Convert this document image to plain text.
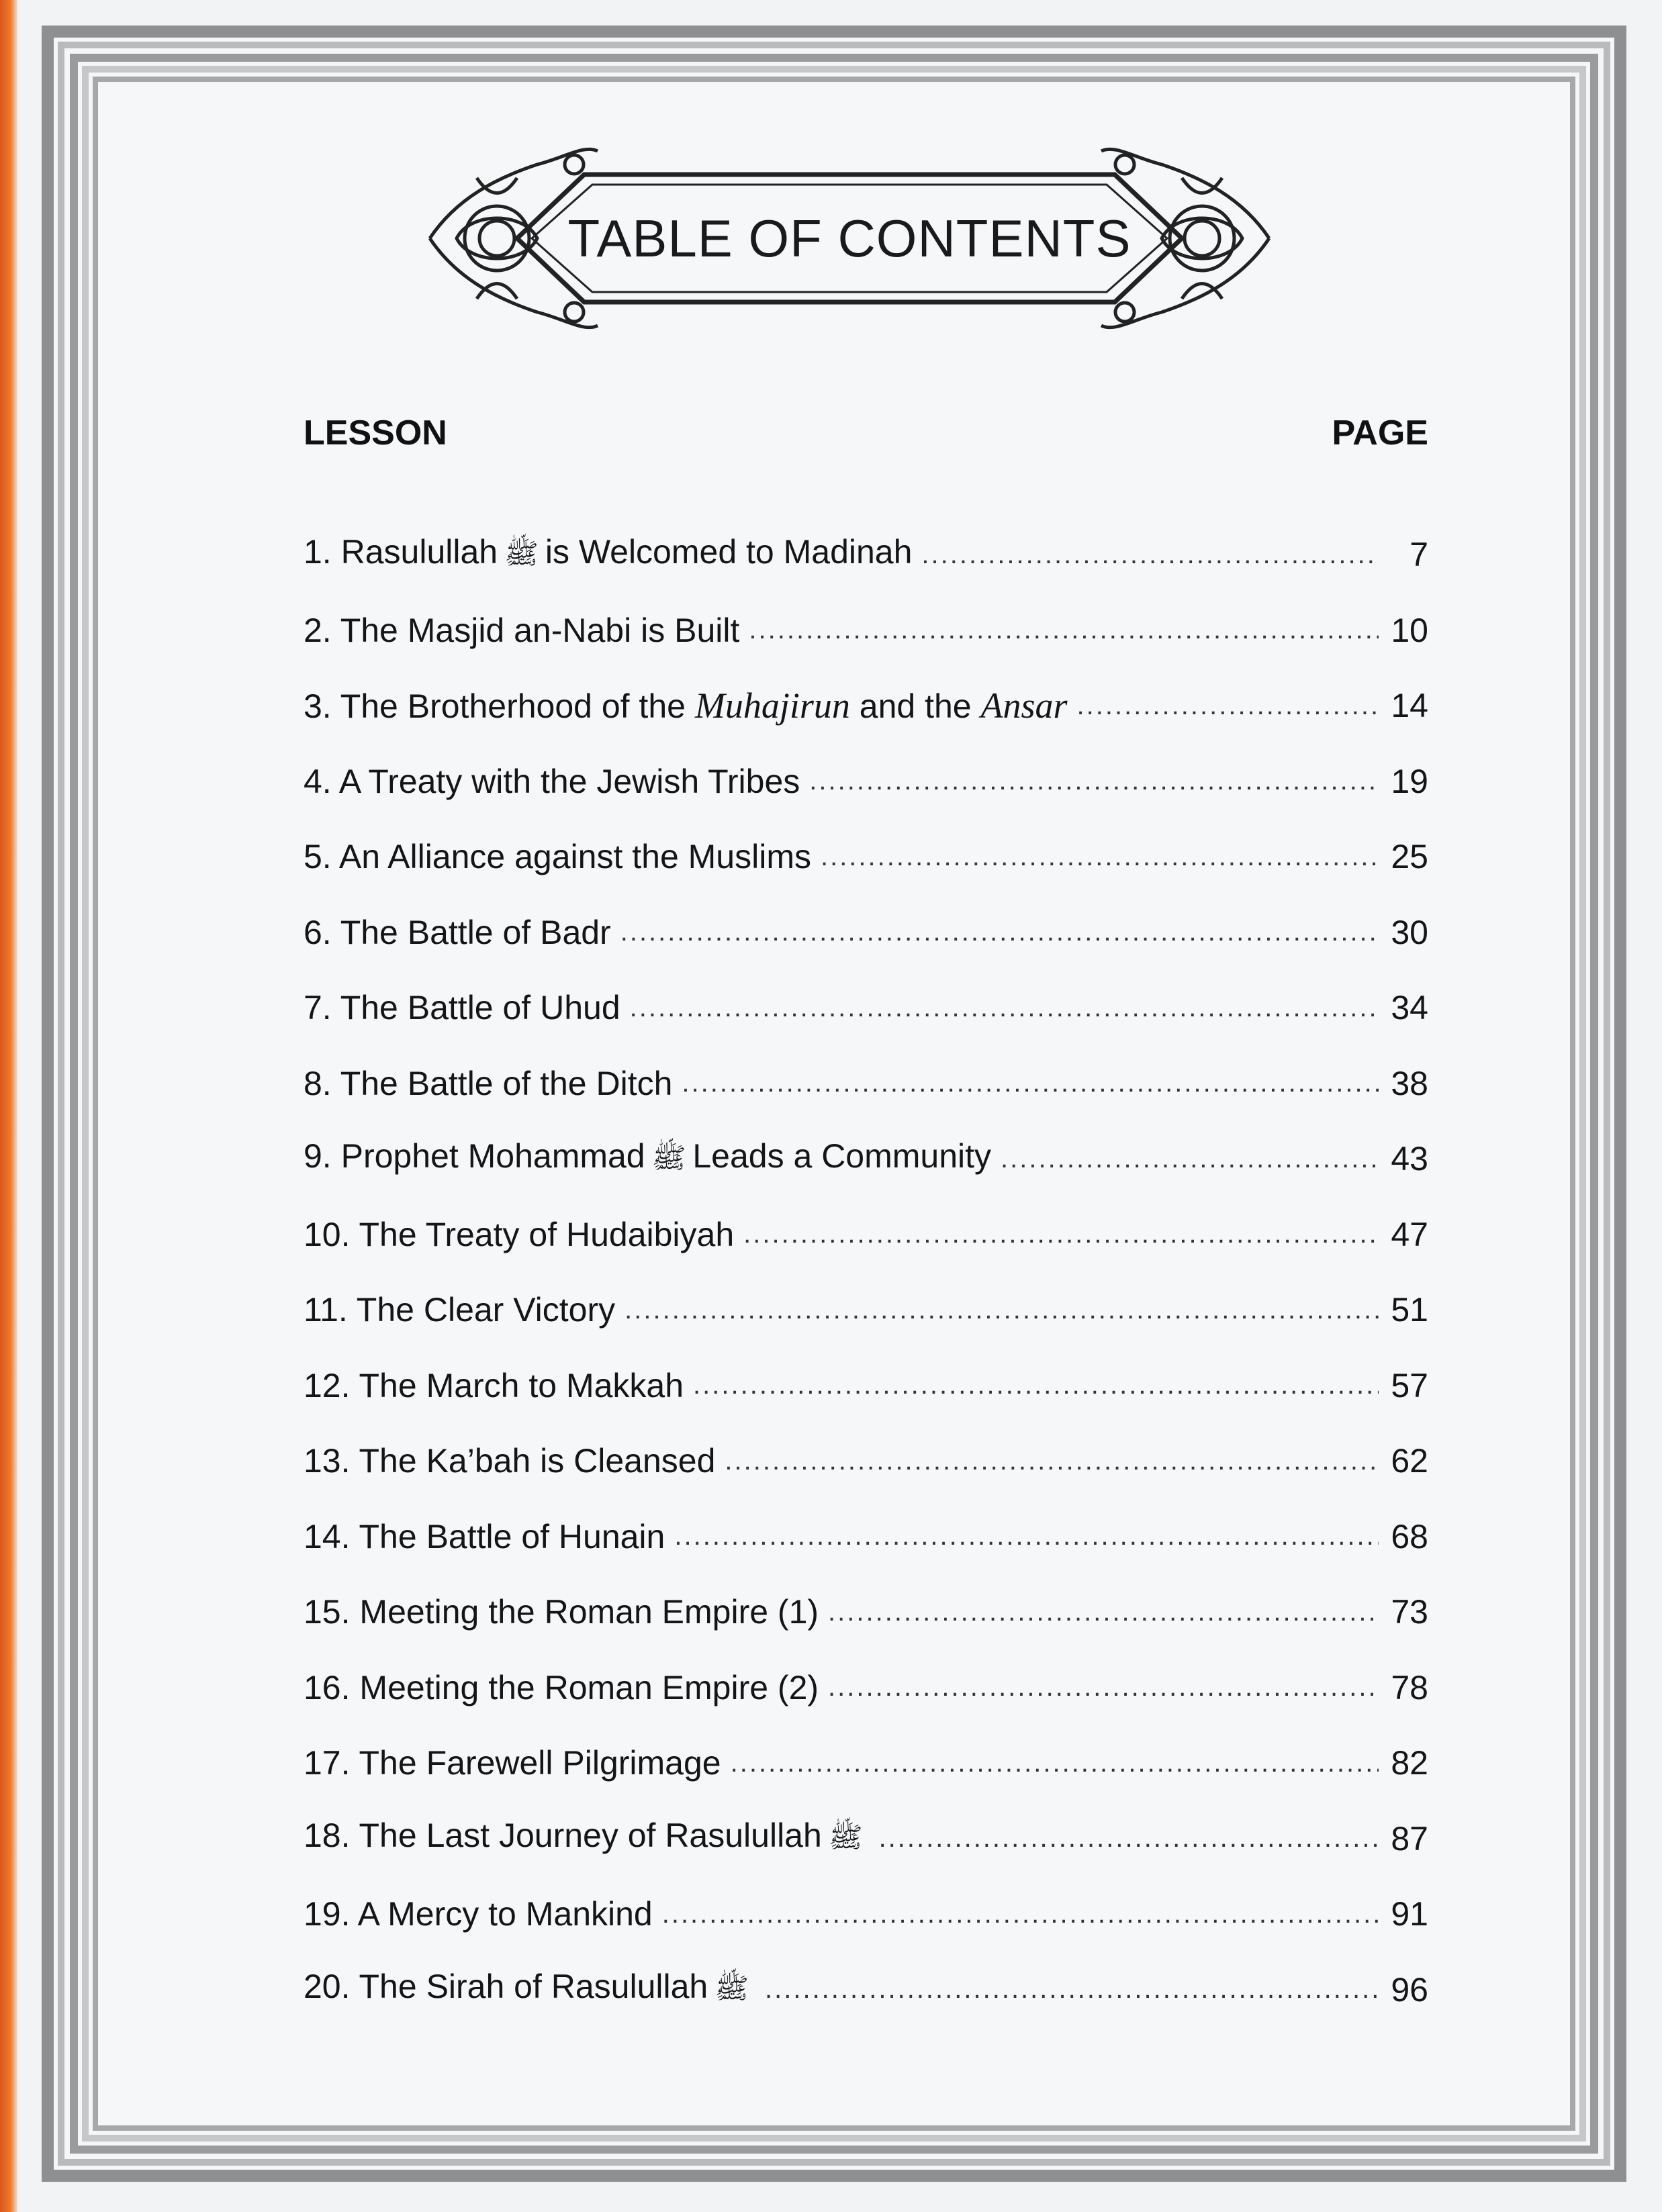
TABLE OF CONTENTS
LESSON	PAGE
1. Rasulullah ﷺ is Welcomed to Madinah .....	7
2. The Masjid an-Nabi is Built .....	10
3. The Brotherhood of the Muhajirun and the Ansar .....	14
4. A Treaty with the Jewish Tribes .....	19
5. An Alliance against the Muslims .....	25
6. The Battle of Badr .....	30
7. The Battle of Uhud .....	34
8. The Battle of the Ditch .....	38
9. Prophet Mohammad ﷺ Leads a Community .....	43
10. The Treaty of Hudaibiyah .....	47
11. The Clear Victory .....	51
12. The March to Makkah .....	57
13. The Ka’bah is Cleansed .....	62
14. The Battle of Hunain .....	68
15. Meeting the Roman Empire (1) .....	73
16. Meeting the Roman Empire (2) .....	78
17. The Farewell Pilgrimage .....	82
18. The Last Journey of Rasulullah ﷺ .....	87
19. A Mercy to Mankind .....	91
20. The Sirah of Rasulullah ﷺ .....	96
